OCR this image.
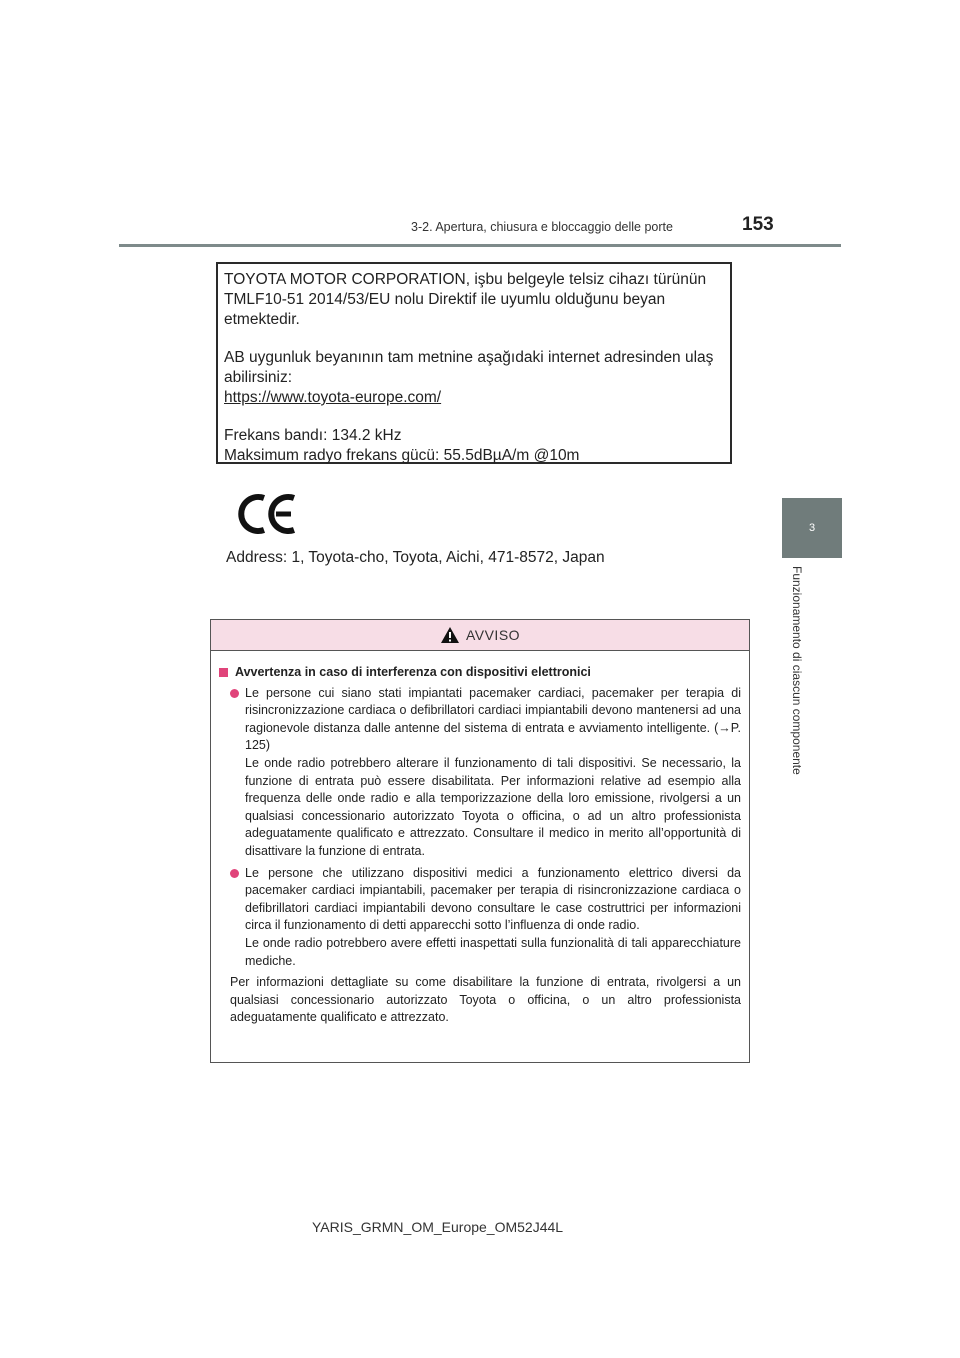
3-2. Apertura, chiusura e bloccaggio delle porte	153
3
Funzionamento di ciascun componente

TOYOTA MOTOR CORPORATION, işbu belgeyle telsiz cihazı türünün TMLF10-51 2014/53/EU nolu Direktif ile uyumlu olduğunu beyan etmektedir.

AB uygunluk beyanının tam metnine aşağıdaki internet adresinden ulaş abilirsiniz:

https://www.toyota-europe.com/

Frekans bandı: 134.2 kHz

Maksimum radyo frekans gücü: 55.5dBµA/m @10m

Address: 1, Toyota-cho, Toyota, Aichi, 471-8572, Japan
AVVISO
Avvertenza in caso di interferenza con dispositivi elettronici

Le persone cui siano stati impiantati pacemaker cardiaci, pacemaker per terapia di risincronizzazione cardiaca o defibrillatori cardiaci impiantabili devono mantenersi ad una ragionevole distanza dalle antenne del sistema di entrata e avviamento intelligente. (→P. 125)

Le onde radio potrebbero alterare il funzionamento di tali dispositivi. Se necessario, la funzione di entrata può essere disabilitata. Per informazioni relative ad esempio alla frequenza delle onde radio e alla temporizzazione della loro emissione, rivolgersi a un qualsiasi concessionario autorizzato Toyota o officina, o ad un altro professionista adeguatamente qualificato e attrezzato. Consultare il medico in merito all’opportunità di disattivare la funzione di entrata.

Le persone che utilizzano dispositivi medici a funzionamento elettrico diversi da pacemaker cardiaci impiantabili, pacemaker per terapia di risincronizzazione cardiaca o defibrillatori cardiaci impiantabili devono consultare le case costruttrici per informazioni circa il funzionamento di detti apparecchi sotto l’influenza di onde radio.

Le onde radio potrebbero avere effetti inaspettati sulla funzionalità di tali apparecchiature mediche.

Per informazioni dettagliate su come disabilitare la funzione di entrata, rivolgersi a un qualsiasi concessionario autorizzato Toyota o officina, o un altro professionista adeguatamente qualificato e attrezzato.

YARIS_GRMN_OM_Europe_OM52J44L
